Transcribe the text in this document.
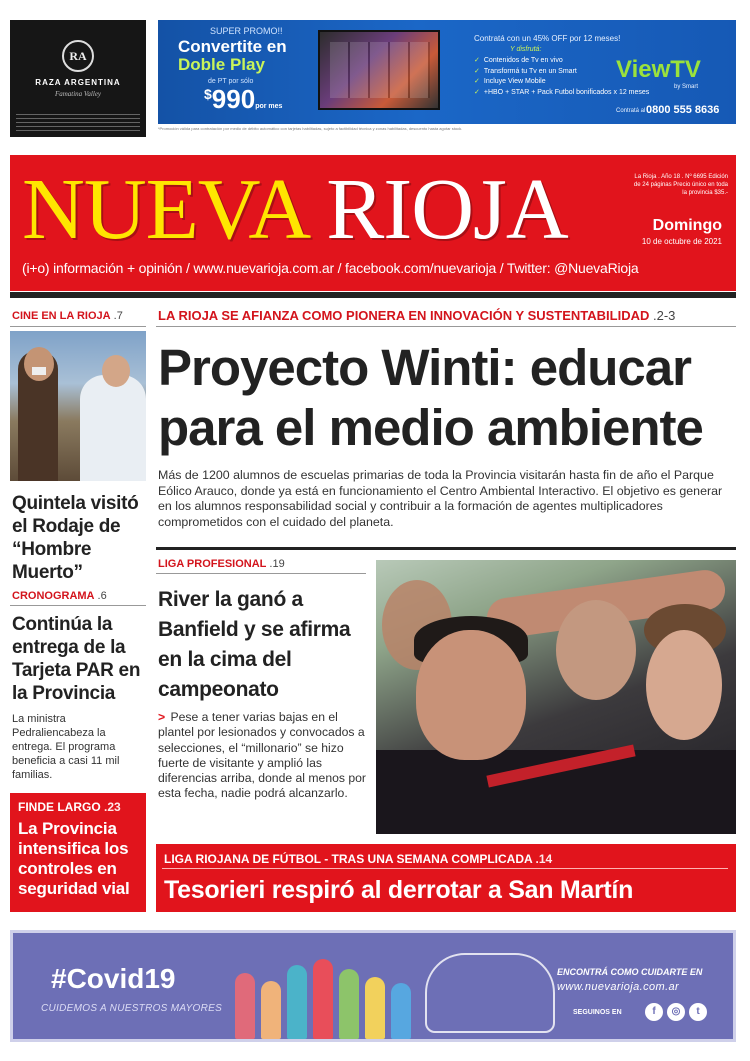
RA
RAZA ARGENTINA
Famatina Valley
SUPER PROMO!!
Convertite en
Doble Play
de PT por sólo
$990por mes
Contratá con un 45% OFF por 12 meses!
Y disfrutá:
✓ Contenidos de Tv en vivo
✓ Transformá tu Tv en un Smart
✓ Incluye View Mobile
✓ +HBO + STAR + Pack Futbol bonificados x 12 meses
ViewTV
by Smart
Contratá al 0800 555 8636
*Promoción válida para contratación por medio de débito automático con tarjetas habilitadas, sujeto a factibilidad técnica y zonas habilitadas, descuento hasta agotar stock.
NUEVA RIOJA	La Rioja . Año 18 . Nº 6695 Edición de 24 páginas Precio único en toda la provincia $35.-
Domingo
10 de octubre de 2021
(i+o) información + opinión / www.nuevarioja.com.ar / facebook.com/nuevarioja / Twitter: @NuevaRioja
CINE EN LA RIOJA .7
Quintela visitó el Rodaje de “Hombre Muerto”
CRONOGRAMA .6
Continúa la entrega de la Tarjeta PAR en la Provincia
La ministra Pedraliencabeza la entrega. El programa beneficia a casi 11 mil familias.
FINDE LARGO .23
La Provincia intensifica los controles en seguridad vial
LA RIOJA SE AFIANZA COMO PIONERA EN INNOVACIÓN Y SUSTENTABILIDAD .2-3
Proyecto Winti: educar para el medio ambiente
Más de 1200 alumnos de escuelas primarias de toda la Provincia visitarán hasta fin de año el Parque Eólico Arauco, donde ya está en funcionamiento el Centro Ambiental Interactivo. El objetivo es generar en los alumnos responsabilidad social y contribuir a la formación de agentes multiplicadores comprometidos con el cuidado del planeta.
LIGA PROFESIONAL .19
River la ganó a Banfield y se afirma en la cima del campeonato
> Pese a tener varias bajas en el plantel por lesionados y convocados a selecciones, el “millonario” se hizo fuerte de visitante y amplió las diferencias arriba, donde al menos por esta fecha, nadie podrá alcanzarlo.
LIGA RIOJANA DE FÚTBOL - TRAS UNA SEMANA COMPLICADA .14
Tesorieri respiró al derrotar a San Martín
#Covid19
CUIDEMOS A NUESTROS MAYORES
ENCONTRÁ COMO CUIDARTE EN
www.nuevarioja.com.ar
SEGUINOS EN	f	◎	t
